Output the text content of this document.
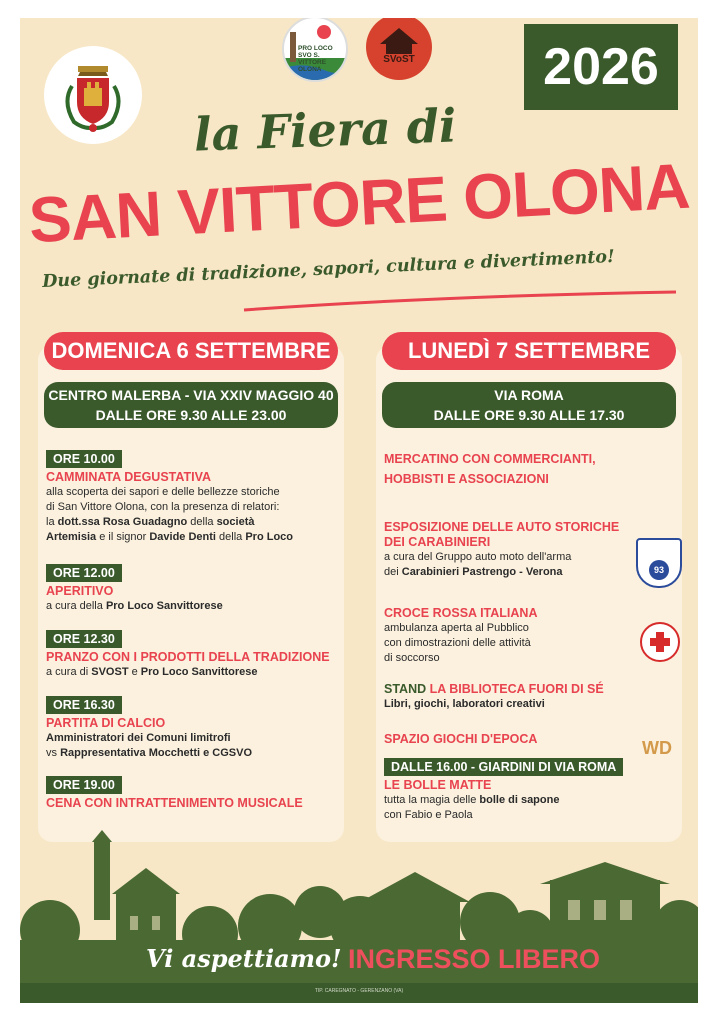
PRO LOCO SVO S. VITTORE OLONA
SVoST	2026
la Fiera di
SAN VITTORE OLONA
Due giornate di tradizione, sapori, cultura e divertimento!
DOMENICA 6 SETTEMBRE
CENTRO MALERBA - VIA XXIV MAGGIO 40
DALLE ORE 9.30 ALLE 23.00
ORE 10.00
CAMMINATA DEGUSTATIVA
alla scoperta dei sapori e delle bellezze storiche
di San Vittore Olona, con la presenza di relatori:
la dott.ssa Rosa Guadagno della società
Artemisia e il signor Davide Denti della Pro Loco
ORE 12.00
APERITIVO
a cura della Pro Loco Sanvittorese
ORE 12.30
PRANZO CON I PRODOTTI DELLA TRADIZIONE
a cura di SVOST e Pro Loco Sanvittorese
ORE 16.30
PARTITA DI CALCIO
Amministratori dei Comuni limitrofi
vs Rappresentativa Mocchetti e CGSVO
ORE 19.00
CENA CON INTRATTENIMENTO MUSICALE
LUNEDÌ 7 SETTEMBRE
VIA ROMA
DALLE ORE 9.30 ALLE 17.30
MERCATINO CON COMMERCIANTI,
HOBBISTI E ASSOCIAZIONI
ESPOSIZIONE DELLE AUTO STORICHE
DEI CARABINIERI
a cura del Gruppo auto moto dell'arma
dei Carabinieri Pastrengo - Verona	93
CROCE ROSSA ITALIANA
ambulanza aperta al Pubblico
con dimostrazioni delle attività
di soccorso
STAND LA BIBLIOTECA FUORI DI SÉ
Libri, giochi, laboratori creativi
SPAZIO GIOCHI D'EPOCA	WD
DALLE 16.00 - GIARDINI DI VIA ROMA
LE BOLLE MATTE
tutta la magia delle bolle di sapone
con Fabio e Paola
Vi aspettiamo! INGRESSO LIBERO
TIP. CAREGNATO - GERENZANO (VA)
